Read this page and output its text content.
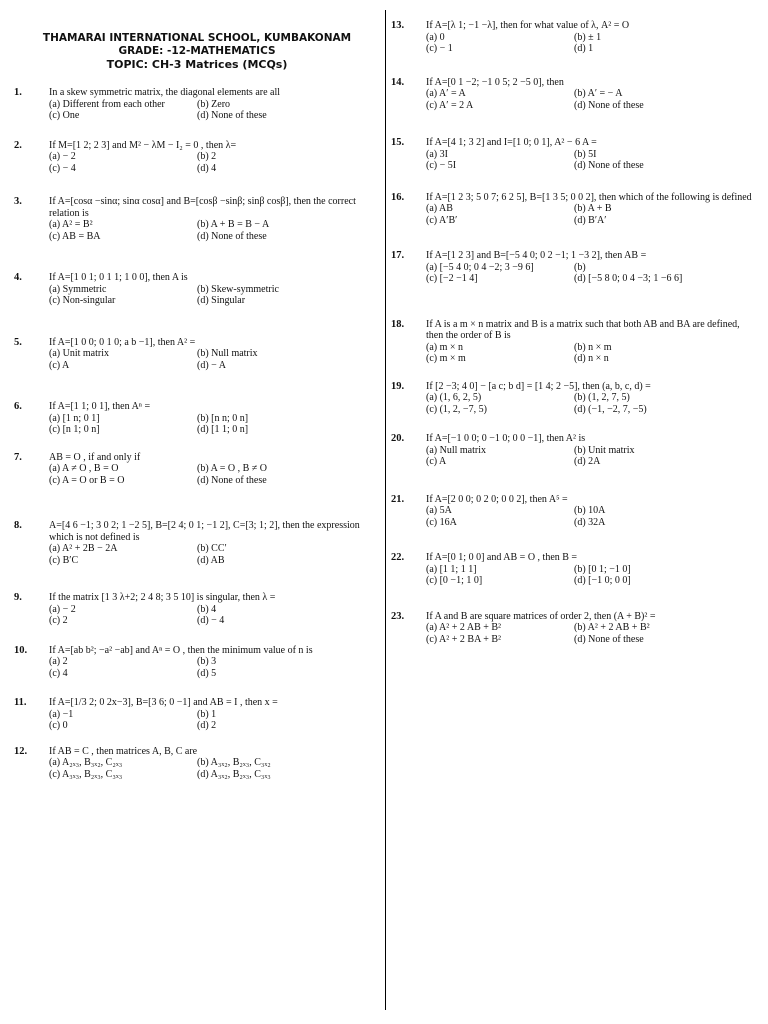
THAMARAI INTERNATIONAL SCHOOL, KUMBAKONAM
GRADE: -12-MATHEMATICS
TOPIC: CH-3 Matrices (MCQs)
1.	In a skew symmetric matrix, the diagonal elements are all
(a) Different from each other	(b) Zero
(c) One	(d) None of these
2.	If M=[1 2; 2 3] and M² − λM − I₂ = 0 , then λ=
(a) − 2	(b) 2
(c) − 4	(d) 4
3.	If A=[cosα −sinα; sinα cosα] and B=[cosβ −sinβ; sinβ cosβ], then the correct relation is
(a) A² = B²	(b) A + B = B − A
(c) AB = BA	(d) None of these
4.	If A=[1 0 1; 0 1 1; 1 0 0], then A is
(a) Symmetric	(b) Skew-symmetric
(c) Non-singular	(d) Singular
5.	If A=[1 0 0; 0 1 0; a b −1], then A² =
(a) Unit matrix	(b) Null matrix
(c) A	(d) − A
6.	If A=[1 1; 0 1], then Aⁿ =
(a) [1 n; 0 1]	(b) [n n; 0 n]
(c) [n 1; 0 n]	(d) [1 1; 0 n]
7.	AB = O , if and only if
(a) A ≠ O , B = O	(b) A = O , B ≠ O
(c) A = O or B = O	(d) None of these
8.	A=[4 6 −1; 3 0 2; 1 −2 5], B=[2 4; 0 1; −1 2], C=[3; 1; 2], then the expression which is not defined is
(a) A² + 2B − 2A	(b) CC′
(c) B′C	(d) AB
9.	If the matrix [1 3 λ+2; 2 4 8; 3 5 10] is singular, then λ =
(a) − 2	(b) 4
(c) 2	(d) − 4
10. If A=[ab b²; −a² −ab] and Aⁿ = O , then the minimum value of n is
(a) 2	(b) 3
(c) 4	(d) 5
11. If A=[1/3 2; 0 2x−3], B=[3 6; 0 −1] and AB = I , then x =
(a) −1	(b) 1
(c) 0	(d) 2
12. If AB = C , then matrices A, B, C are
(a) A₂ₓ₃, B₃ₓ₂, C₂ₓ₃	(b) A₃ₓ₂, B₂ₓ₃, C₃ₓ₂
(c) A₃ₓ₃, B₂ₓ₃, C₃ₓ₃	(d) A₃ₓ₂, B₂ₓ₃, C₃ₓ₃
13. If A=[λ 1; −1 −λ], then for what value of λ, A² = O
(a) 0	(b) ± 1
(c) − 1	(d) 1
14. If A=[0 1 −2; −1 0 5; 2 −5 0], then
(a) A′ = A	(b) A′ = − A
(c) A′ = 2 A	(d) None of these
15. If A=[4 1; 3 2] and I=[1 0; 0 1], A² − 6 A =
(a) 3I	(b) 5I
(c) − 5I	(d) None of these
16. If A=[1 2 3; 5 0 7; 6 2 5], B=[1 3 5; 0 0 2], then which of the following is defined
(a) AB	(b) A + B
(c) A′B′	(d) B′A′
17. If A=[1 2 3] and B=[−5 4 0; 0 2 −1; 1 −3 2], then AB =
(a) [−5 4 0; 0 4 −2; 3 −9 6]	(b)
(c) [−2 −1 4]	(d) [−5 8 0; 0 4 −3; 1 −6 6]
18. If A is a m × n matrix and B is a matrix such that both AB and BA are defined, then the order of B is
(a) m × n	(b) n × m
(c) m × m	(d) n × n
19. If [2 −3; 4 0] − [a c; b d] = [1 4; 2 −5], then (a, b, c, d) =
(a) (1, 6, 2, 5)	(b) (1, 2, 7, 5)
(c) (1, 2, −7, 5)	(d) (−1, −2, 7, −5)
20. If A=[−1 0 0; 0 −1 0; 0 0 −1], then A² is
(a) Null matrix	(b) Unit matrix
(c) A	(d) 2A
21. If A=[2 0 0; 0 2 0; 0 0 2], then A⁵ =
(a) 5A	(b) 10A
(c) 16A	(d) 32A
22. If A=[0 1; 0 0] and AB = O , then B =
(a) [1 1; 1 1]	(b) [0 1; −1 0]
(c) [0 −1; 1 0]	(d) [−1 0; 0 0]
23. If A and B are square matrices of order 2, then (A + B)² =
(a) A² + 2 AB + B²	(b) A² + 2 AB + B²
(c) A² + 2 BA + B²	(d) None of these
